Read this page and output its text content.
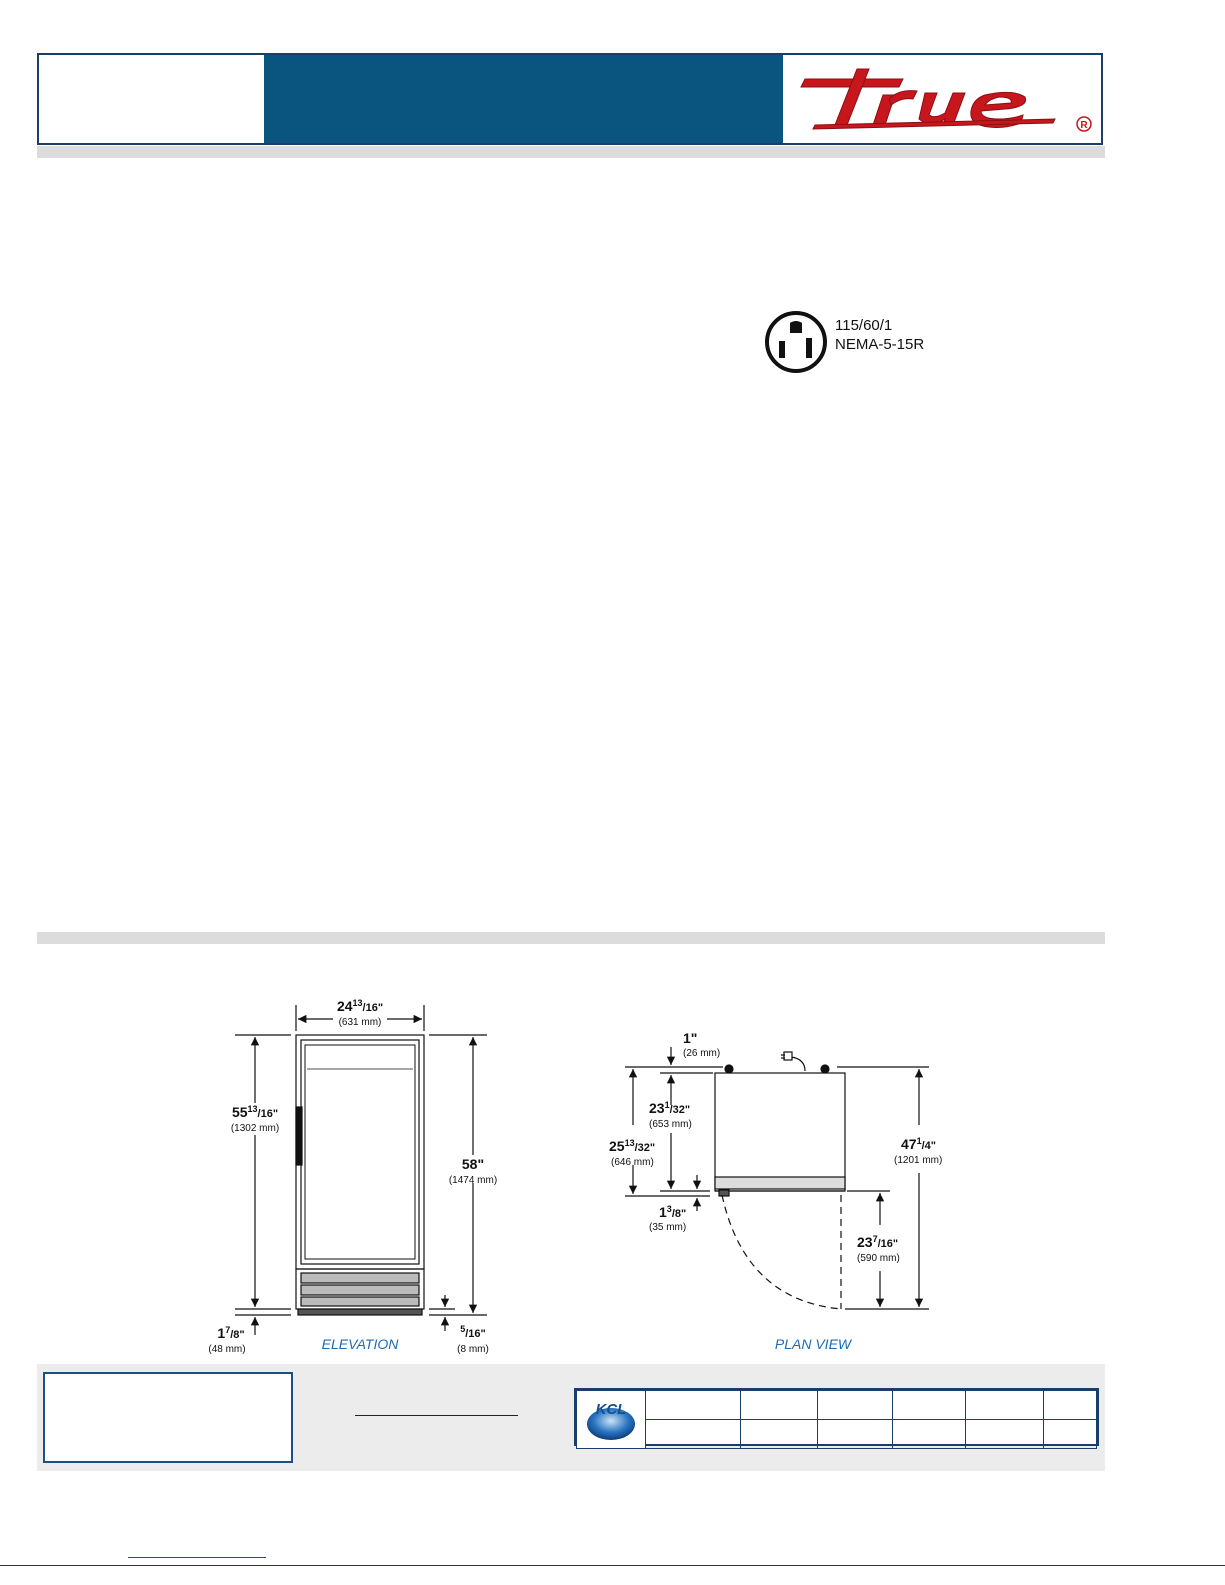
R
115/60/1
NEMA-5-15R
$24^{13}_{/16"}$
(631 mm)
$55^{13}_{/16"}$
(1302 mm)
58"
(1474 mm)
$1^7_{/8"}$
(48 mm)
$^5_{/16"}$
(8 mm)
ELEVATION
1"
(26 mm)
$23^1_{/32"}$
(653 mm)
$25^{13}_{/32"}$
(646 mm)
$1^3_{/8"}$
(35 mm)
$23^7_{/16"}$
(590 mm)
$47^1_{/4"}$
(1201 mm)
PLAN VIEW
KCL						
